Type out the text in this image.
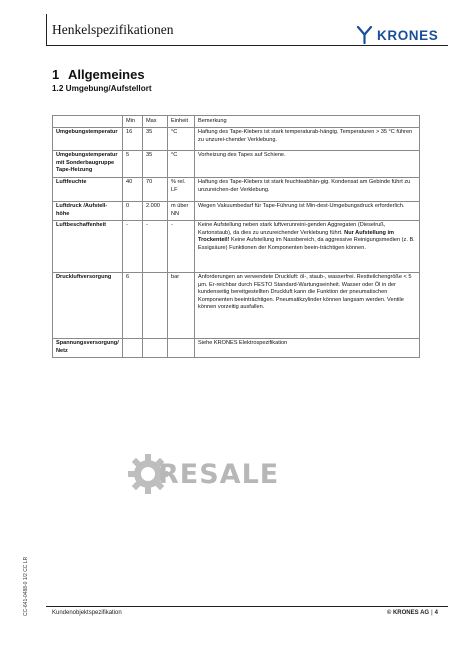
Henkelspezifikationen	KRONES
1 Allgemeines
1.2 Umgebung/Aufstellort
	Min	Max	Einheit	Bemerkung
Umgebungstemperatur	16	35	°C	Haftung des Tape-Klebers ist stark temperaturab-hängig. Temperaturen > 35 °C führen zu unzurei-chender Verklebung.
Umgebungstemperatur mit Sonderbaugruppe Tape-Heizung	5	35	°C	Vorheizung des Tapes auf Schiene.
Luftfeuchte	40	70	% rel. LF	Haftung des Tape-Klebers ist stark feuchteabhän-gig. Kondensat am Gebinde führt zu unzureichen-der Verklebung.
Luftdruck /Aufstell-höhe	0	2.000	m über NN	Wegen Vakuumbedarf für Tape-Führung ist Min-dest-Umgebungsdruck erforderlich.
Luftbeschaffenheit	-	-	-	Keine Aufstellung neben stark luftverunreini-genden Aggregaten (Dieselruß, Kartonstaub), da dies zu unzureichender Verklebung führt. Nur Aufstellung im Trockenteil! Keine Aufstellung im Nassbereich, da aggressive Reinigungsmedien (z. B. Essigsäure) Funktionen der Komponenten beein-trächtigen können.
Druckluftversorgung	6		bar	Anforderungen an verwendete Druckluft: öl-, staub-, wasserfrei. Restteilchengröße < 5 µm. Er-reichbar durch FESTO Standard-Wartungseinheit. Wasser oder Öl in der kundenseitig bereitgestellten Druckluft kann die Funktion der pneumatischen Komponenten beeinträchtigen. Pneumatikzylinder können langsam werden. Ventile können vorzeitig ausfallen.
Spannungsversorgung/ Netz				Siehe KRONES Elektrospezifikation
RESALE
CC-641-0488-0 1/2 CC LR	Kundenobjektspezifikation	© KRONES AG | 4
